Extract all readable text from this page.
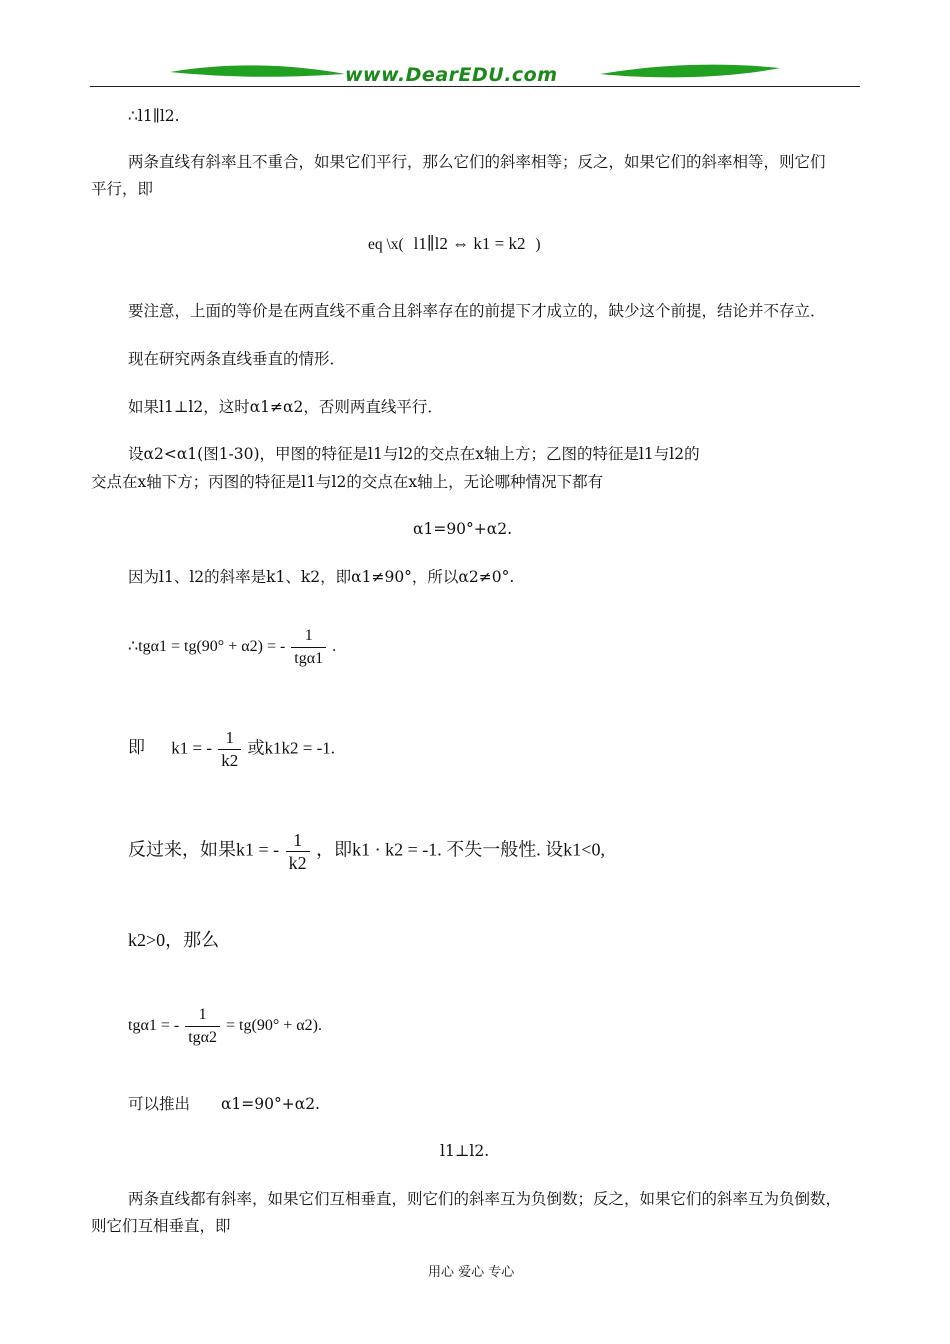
www.DearEDU.com
∴l1∥l2.
两条直线有斜率且不重合，如果它们平行，那么它们的斜率相等；反之，如果它们的斜率相等，则它们
平行，即
eq \x( l1∥l2 ⇔ k1 = k2 )
要注意，上面的等价是在两直线不重合且斜率存在的前提下才成立的，缺少这个前提，结论并不存立．
现在研究两条直线垂直的情形．
如果l1⊥l2，这时α1≠α2，否则两直线平行．
设α2<α1(图1-30)，甲图的特征是l1与l2的交点在x轴上方；乙图的特征是l1与l2的
交点在x轴下方；丙图的特征是l1与l2的交点在x轴上，无论哪种情况下都有
α1=90°+α2.
因为l1、l2的斜率是k1、k2，即α1≠90°，所以α2≠0°.
∴tgα1 = tg(90° + α2) = - $\frac{1}{\text{tgα1}}$ .
即 k1 = - $\frac{1}{k2}$ 或k1k2 = -1.
反过来，如果k1 = - $\frac{1}{k2}$ ，即k1 · k2 = -1. 不失一般性. 设k1<0,
k2>0，那么
tgα1 = - $\frac{1}{\text{tgα2}} = tg(90^\circ + \alpha 2)$.
可以推出 α1=90°+α2.
l1⊥l2.
两条直线都有斜率，如果它们互相垂直，则它们的斜率互为负倒数；反之，如果它们的斜率互为负倒数，
则它们互相垂直，即
用心 爱心 专心
